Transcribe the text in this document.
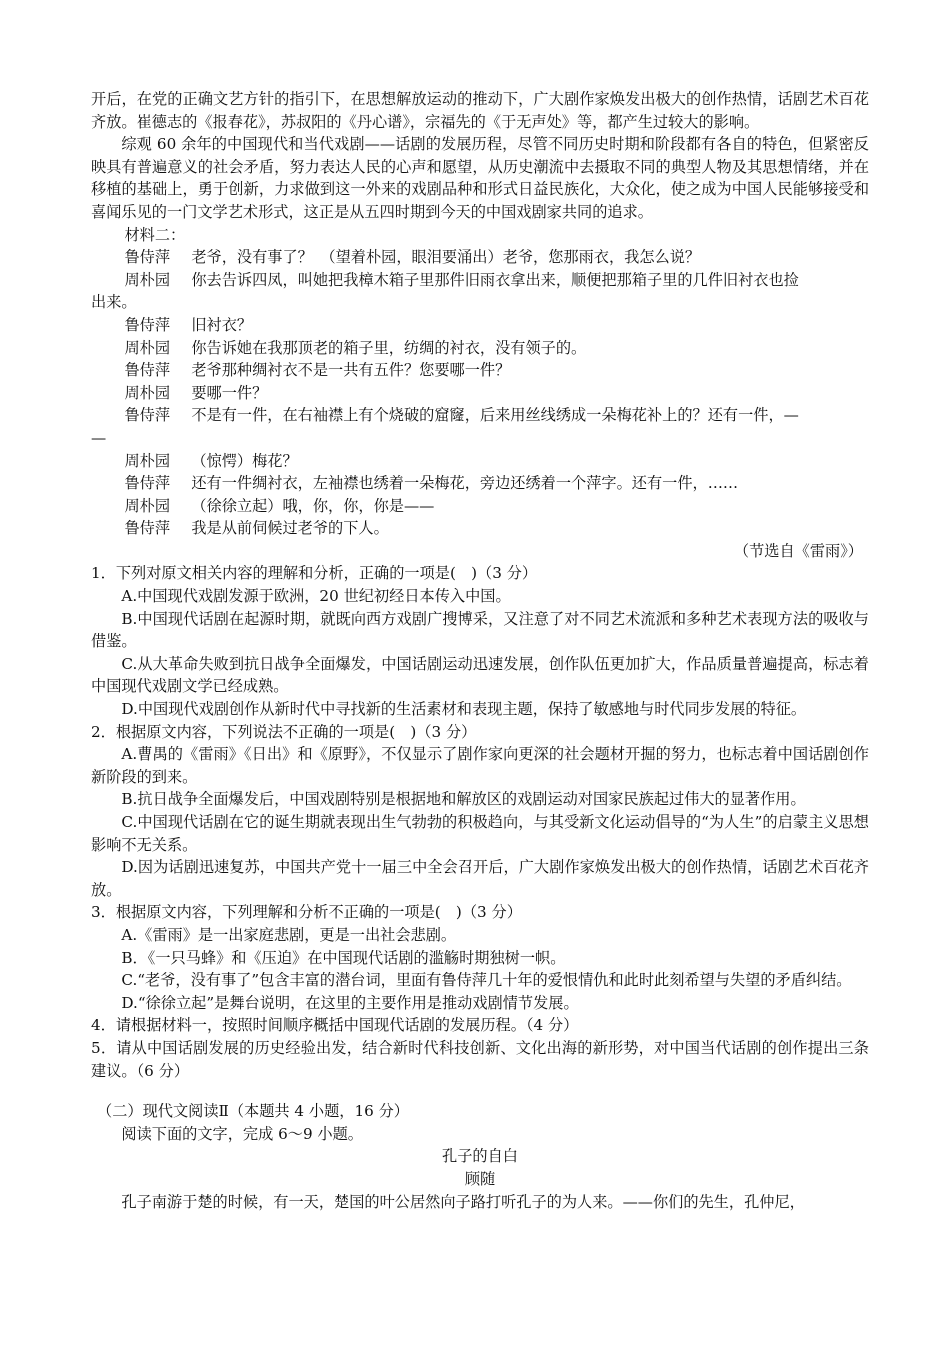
开后，在党的正确文艺方针的指引下，在思想解放运动的推动下，广大剧作家焕发出极大的创作热情，话剧艺术百花齐放。崔德志的《报春花》，苏叔阳的《丹心谱》，宗福先的《于无声处》等，都产生过较大的影响。

综观 60 余年的中国现代和当代戏剧——话剧的发展历程，尽管不同历史时期和阶段都有各自的特色，但紧密反映具有普遍意义的社会矛盾，努力表达人民的心声和愿望，从历史潮流中去摄取不同的典型人物及其思想情绪，并在移植的基础上，勇于创新，力求做到这一外来的戏剧品种和形式日益民族化，大众化，使之成为中国人民能够接受和喜闻乐见的一门文学艺术形式，这正是从五四时期到今天的中国戏剧家共同的追求。

材料二：

鲁侍萍	老爷，没有事了？　（望着朴园，眼泪要涌出）老爷，您那雨衣，我怎么说？
周朴园	你去告诉四凤，叫她把我樟木箱子里那件旧雨衣拿出来，顺便把那箱子里的几件旧衬衣也捡

出来。

鲁侍萍	旧衬衣？
周朴园	你告诉她在我那顶老的箱子里，纺绸的衬衣，没有领子的。
鲁侍萍	老爷那种绸衬衣不是一共有五件？您要哪一件？
周朴园	要哪一件？
鲁侍萍	不是有一件，在右袖襟上有个烧破的窟窿，后来用丝线绣成一朵梅花补上的？还有一件，—

—

周朴园	（惊愕）梅花？
鲁侍萍	还有一件绸衬衣，左袖襟也绣着一朵梅花，旁边还绣着一个萍字。还有一件，……
周朴园	（徐徐立起）哦，你，你，你是——
鲁侍萍	我是从前伺候过老爷的下人。

（节选自《雷雨》）

1．下列对原文相关内容的理解和分析，正确的一项是(　)（3 分）

A.中国现代戏剧发源于欧洲，20 世纪初经日本传入中国。

B.中国现代话剧在起源时期，就既向西方戏剧广搜博采，又注意了对不同艺术流派和多种艺术表现方法的吸收与借鉴。

C.从大革命失败到抗日战争全面爆发，中国话剧运动迅速发展，创作队伍更加扩大，作品质量普遍提高，标志着中国现代戏剧文学已经成熟。

D.中国现代戏剧创作从新时代中寻找新的生活素材和表现主题，保持了敏感地与时代同步发展的特征。

2．根据原文内容，下列说法不正确的一项是(　)（3 分）

A.曹禺的《雷雨》《日出》和《原野》，不仅显示了剧作家向更深的社会题材开掘的努力，也标志着中国话剧创作新阶段的到来。

B.抗日战争全面爆发后，中国戏剧特别是根据地和解放区的戏剧运动对国家民族起过伟大的显著作用。

C.中国现代话剧在它的诞生期就表现出生气勃勃的积极趋向，与其受新文化运动倡导的“为人生”的启蒙主义思想影响不无关系。

D.因为话剧迅速复苏，中国共产党十一届三中全会召开后，广大剧作家焕发出极大的创作热情，话剧艺术百花齐放。

3．根据原文内容，下列理解和分析不正确的一项是(　)（3 分）

A.《雷雨》是一出家庭悲剧，更是一出社会悲剧。

B．《一只马蜂》和《压迫》在中国现代话剧的滥觞时期独树一帜。

C.“老爷，没有事了”包含丰富的潜台词，里面有鲁侍萍几十年的爱恨情仇和此时此刻希望与失望的矛盾纠结。

D.“徐徐立起”是舞台说明，在这里的主要作用是推动戏剧情节发展。

4．请根据材料一，按照时间顺序概括中国现代话剧的发展历程。（4 分）

5．请从中国话剧发展的历史经验出发，结合新时代科技创新、文化出海的新形势，对中国当代话剧的创作提出三条建议。（6 分）

（二）现代文阅读Ⅱ（本题共 4 小题，16 分）

阅读下面的文字，完成 6～9 小题。

孔子的自白

顾随

孔子南游于楚的时候，有一天，楚国的叶公居然向子路打听孔子的为人来。——你们的先生，孔仲尼，
